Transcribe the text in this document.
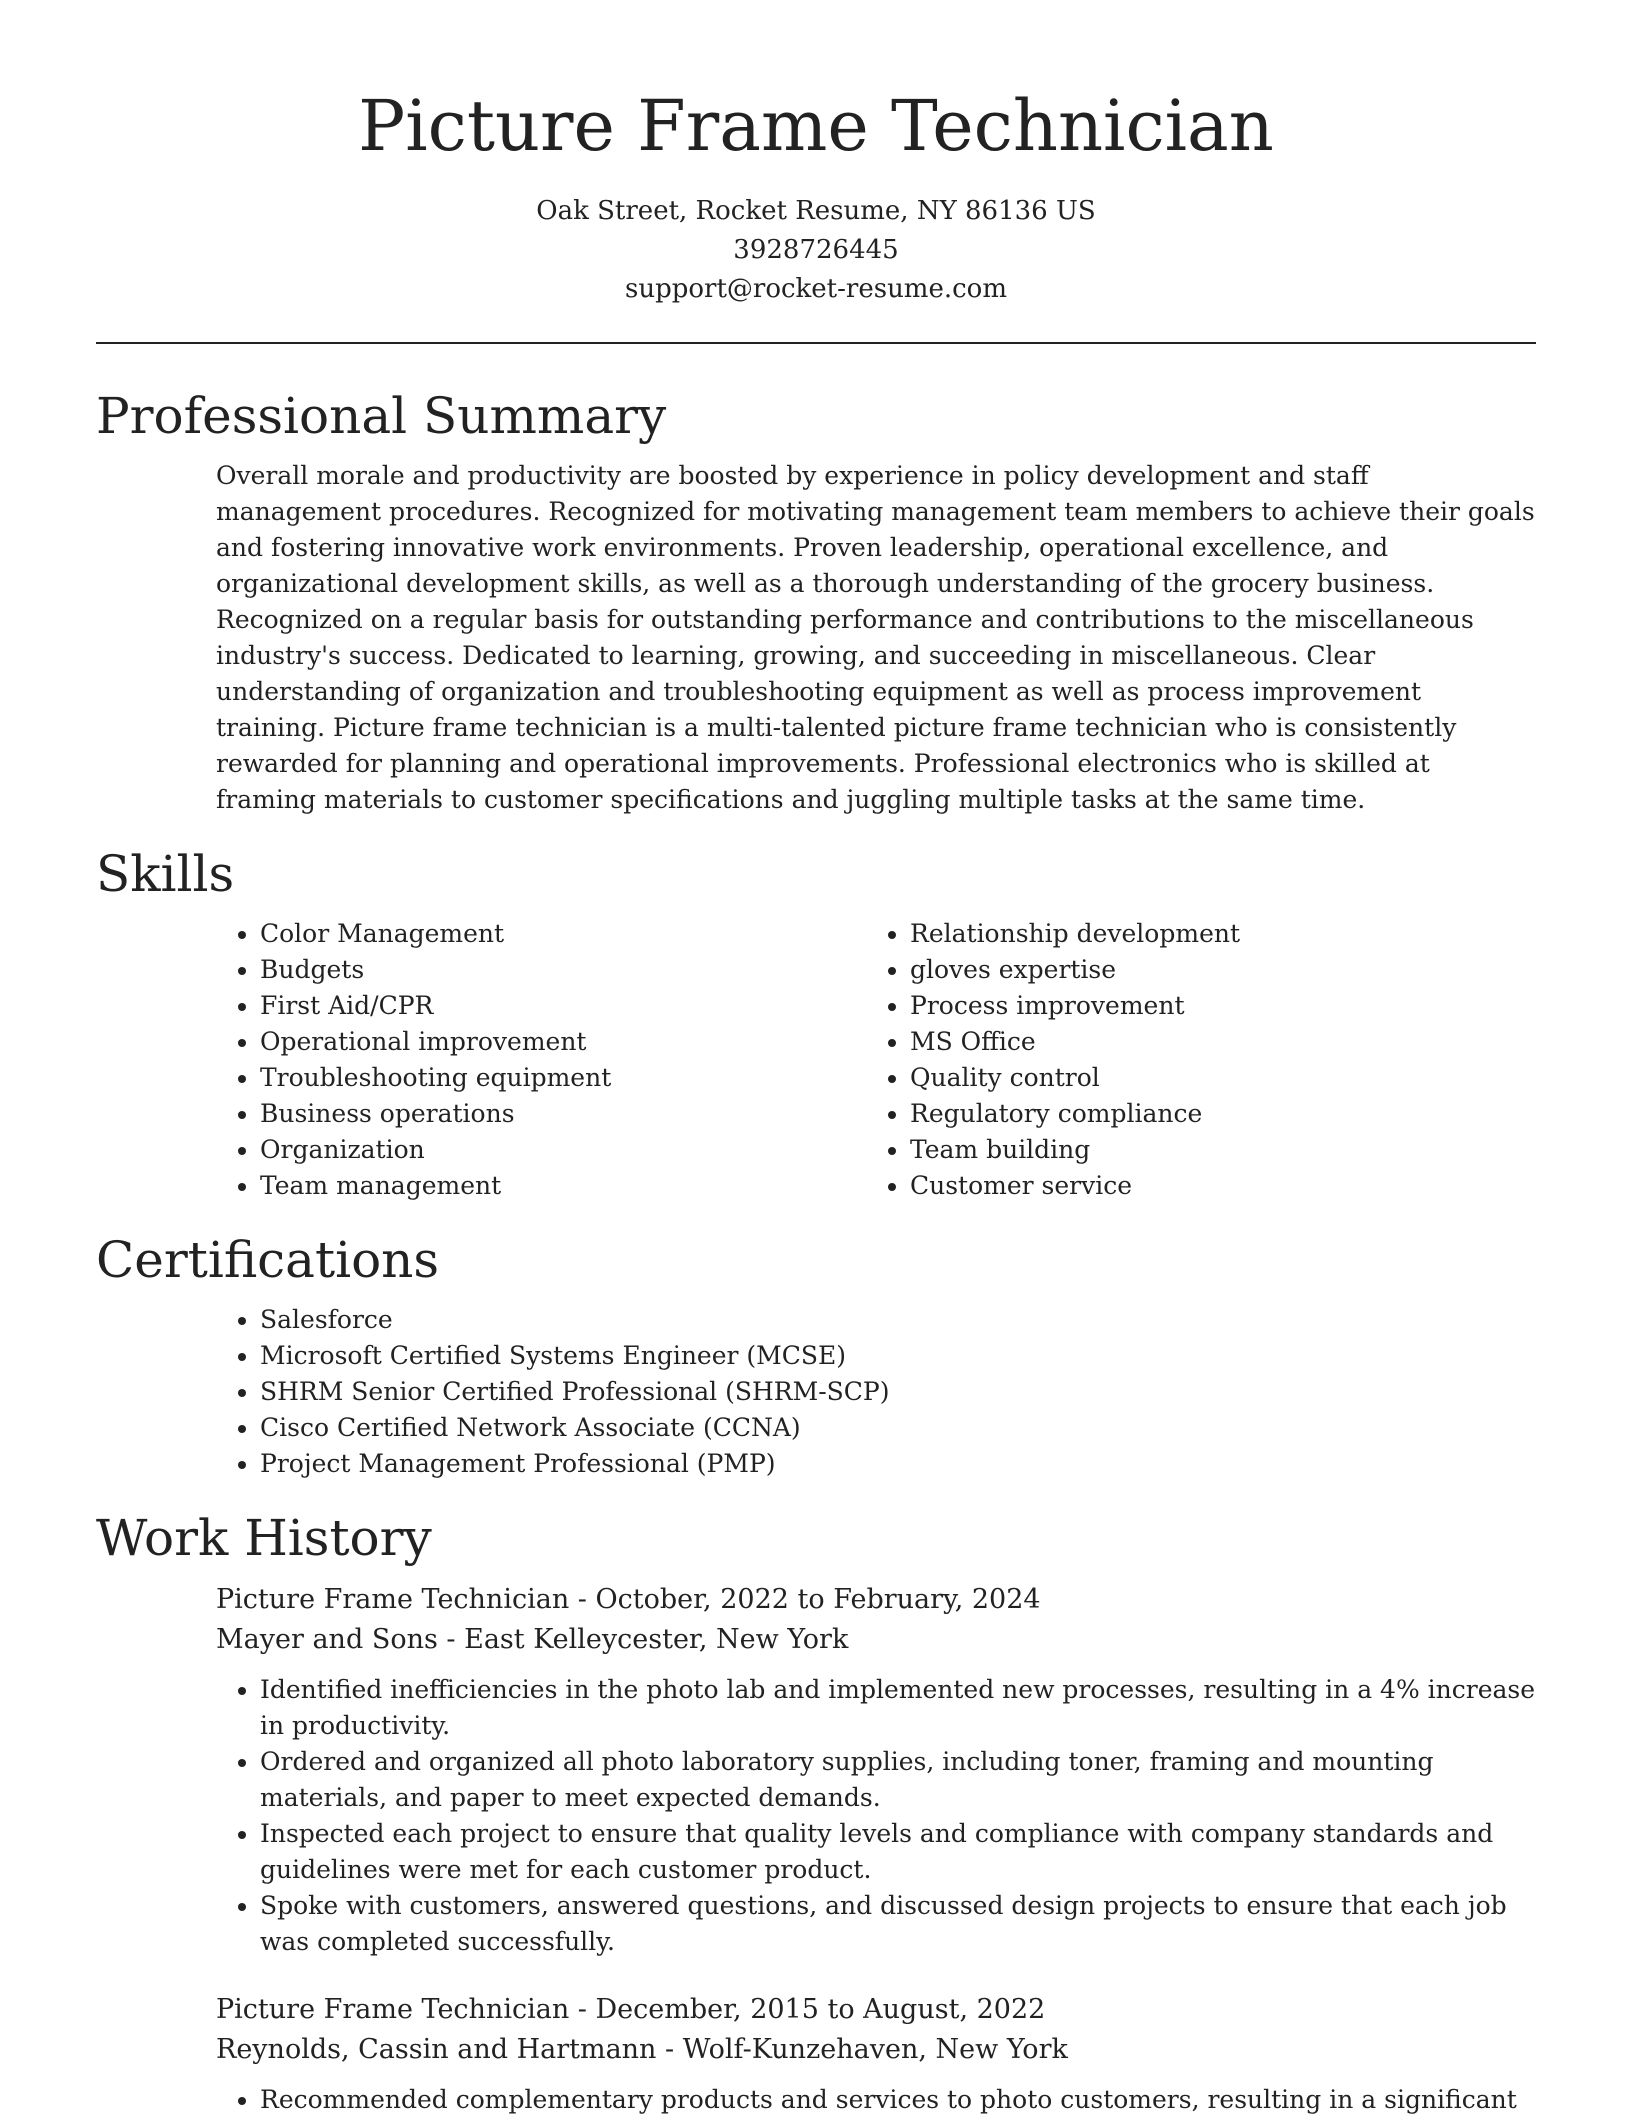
Picture Frame Technician

Oak Street, Rocket Resume, NY 86136 US

3928726445

support@rocket-resume.com

Professional Summary

Overall morale and productivity are boosted by experience in policy development and staff management procedures. Recognized for motivating management team members to achieve their goals and fostering innovative work environments. Proven leadership, operational excellence, and organizational development skills, as well as a thorough understanding of the grocery business. Recognized on a regular basis for outstanding performance and contributions to the miscellaneous industry's success. Dedicated to learning, growing, and succeeding in miscellaneous. Clear understanding of organization and troubleshooting equipment as well as process improvement training. Picture frame technician is a multi-talented picture frame technician who is consistently rewarded for planning and operational improvements. Professional electronics who is skilled at framing materials to customer specifications and juggling multiple tasks at the same time.

Skills
• Color Management
• Budgets
• First Aid/CPR
• Operational improvement
• Troubleshooting equipment
• Business operations
• Organization
• Team management
• Relationship development
• gloves expertise
• Process improvement
• MS Office
• Quality control
• Regulatory compliance
• Team building
• Customer service
Certifications
• Salesforce
• Microsoft Certified Systems Engineer (MCSE)
• SHRM Senior Certified Professional (SHRM-SCP)
• Cisco Certified Network Associate (CCNA)
• Project Management Professional (PMP)
Work History

Picture Frame Technician - October, 2022 to February, 2024

Mayer and Sons - East Kelleycester, New York

• Identified inefficiencies in the photo lab and implemented new processes, resulting in a 4% increase in productivity.
• Ordered and organized all photo laboratory supplies, including toner, framing and mounting materials, and paper to meet expected demands.
• Inspected each project to ensure that quality levels and compliance with company standards and guidelines were met for each customer product.
• Spoke with customers, answered questions, and discussed design projects to ensure that each job was completed successfully.

Picture Frame Technician - December, 2015 to August, 2022

Reynolds, Cassin and Hartmann - Wolf-Kunzehaven, New York

• Recommended complementary products and services to photo customers, resulting in a significant
